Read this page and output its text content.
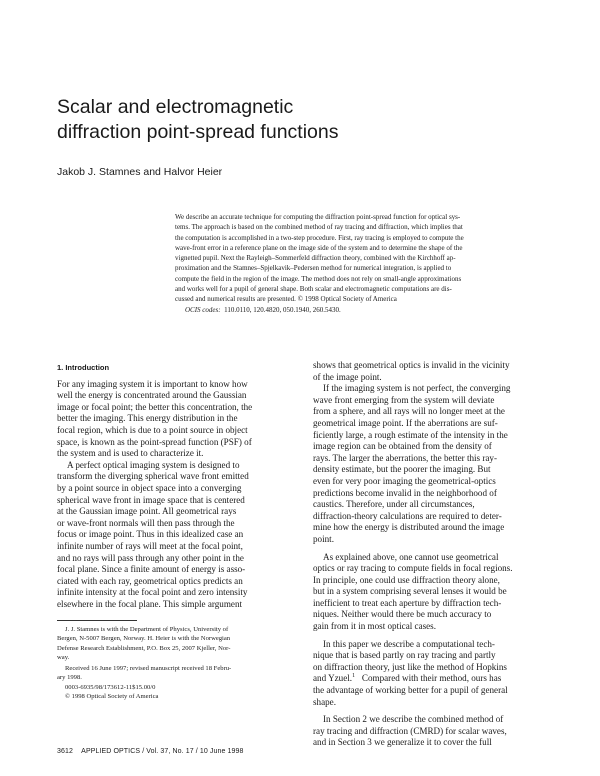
Scalar and electromagnetic
diffraction point-spread functions
Jakob J. Stamnes and Halvor Heier
We describe an accurate technique for computing the diffraction point-spread function for optical sys-
tems. The approach is based on the combined method of ray tracing and diffraction, which implies that
the computation is accomplished in a two-step procedure. First, ray tracing is employed to compute the
wave-front error in a reference plane on the image side of the system and to determine the shape of the
vignetted pupil. Next the Rayleigh–Sommerfeld diffraction theory, combined with the Kirchhoff ap-
proximation and the Stamnes–Spjelkavik–Pedersen method for numerical integration, is applied to
compute the field in the region of the image. The method does not rely on small-angle approximations
and works well for a pupil of general shape. Both scalar and electromagnetic computations are dis-
cussed and numerical results are presented. © 1998 Optical Society of America
OCIS codes: 110.0110, 120.4820, 050.1940, 260.5430.
1. Introduction
For any imaging system it is important to know how
well the energy is concentrated around the Gaussian
image or focal point; the better this concentration, the
better the imaging. This energy distribution in the
focal region, which is due to a point source in object
space, is known as the point-spread function (PSF) of
the system and is used to characterize it.
A perfect optical imaging system is designed to
transform the diverging spherical wave front emitted
by a point source in object space into a converging
spherical wave front in image space that is centered
at the Gaussian image point. All geometrical rays
or wave-front normals will then pass through the
focus or image point. Thus in this idealized case an
infinite number of rays will meet at the focal point,
and no rays will pass through any other point in the
focal plane. Since a finite amount of energy is asso-
ciated with each ray, geometrical optics predicts an
infinite intensity at the focal point and zero intensity
elsewhere in the focal plane. This simple argument
shows that geometrical optics is invalid in the vicinity
of the image point.
If the imaging system is not perfect, the converging
wave front emerging from the system will deviate
from a sphere, and all rays will no longer meet at the
geometrical image point. If the aberrations are suf-
ficiently large, a rough estimate of the intensity in the
image region can be obtained from the density of
rays. The larger the aberrations, the better this ray-
density estimate, but the poorer the imaging. But
even for very poor imaging the geometrical-optics
predictions become invalid in the neighborhood of
caustics. Therefore, under all circumstances,
diffraction-theory calculations are required to deter-
mine how the energy is distributed around the image
point.
As explained above, one cannot use geometrical
optics or ray tracing to compute fields in focal regions.
In principle, one could use diffraction theory alone,
but in a system comprising several lenses it would be
inefficient to treat each aperture by diffraction tech-
niques. Neither would there be much accuracy to
gain from it in most optical cases.
In this paper we describe a computational tech-
nique that is based partly on ray tracing and partly
on diffraction theory, just like the method of Hopkins
and Yzuel.$^1$ Compared with their method, ours has
the advantage of working better for a pupil of general
shape.
In Section 2 we describe the combined method of
ray tracing and diffraction (CMRD) for scalar waves,
and in Section 3 we generalize it to cover the full
J. J. Stamnes is with the Department of Physics, University of
Bergen, N-5007 Bergen, Norway. H. Heier is with the Norwegian
Defense Research Establishment, P.O. Box 25, 2007 Kjeller, Nor-
way.
Received 16 June 1997; revised manuscript received 18 Febru-
ary 1998.
0003-6935/98/173612-11$15.00/0
© 1998 Optical Society of America
3612 APPLIED OPTICS / Vol. 37, No. 17 / 10 June 1998
